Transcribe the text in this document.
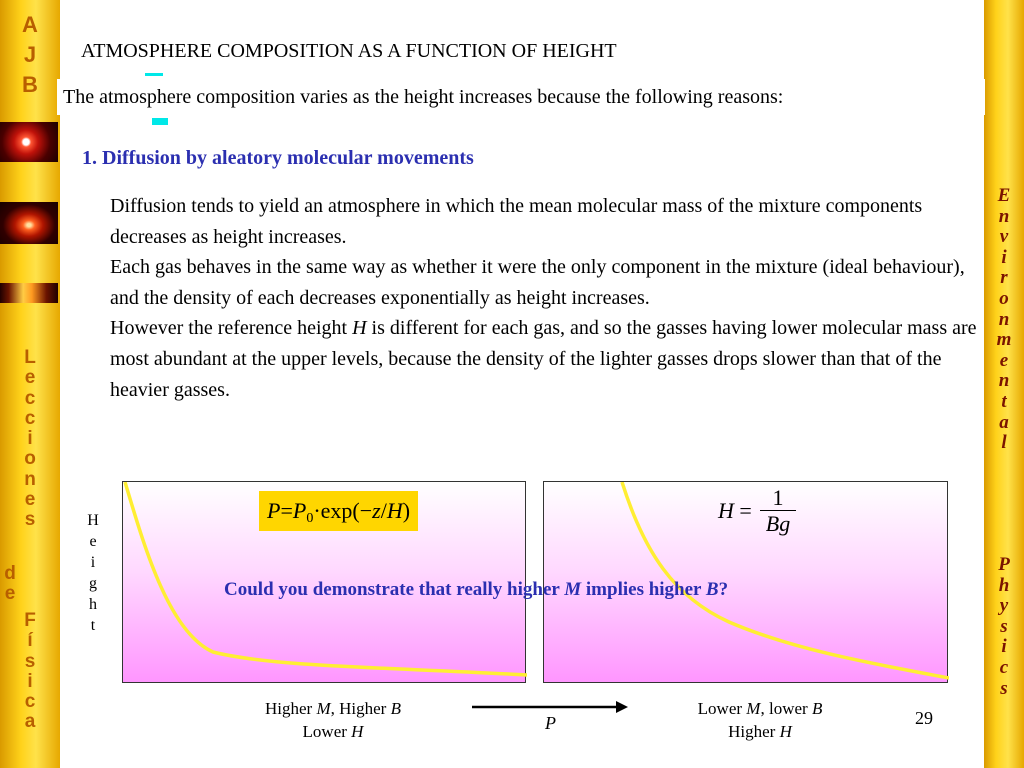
A
J
B
L
e
c
c
i
o
n
e
s
d
e
F
í
s
i
c
a
E
n
v
i
r
o
n
m
e
n
t
a
l
P
h
y
s
i
c
s
ATMOSPHERE COMPOSITION AS A FUNCTION OF HEIGHT
The atmosphere composition varies as the height increases because the following reasons:
1. Diffusion by aleatory molecular movements

Diffusion tends to yield an atmosphere in which the mean molecular mass of the mixture components decreases as height increases.

Each gas behaves in the same way as whether it were the only component in the mixture (ideal behaviour), and the density of each decreases exponentially as height increases.

However the reference height H is different for each gas, and so the gasses having lower molecular mass are most abundant at the upper levels, because the density of the lighter gasses drops slower than that of the heavier gasses.

H
e
i
g
h
t
$P=P_0\cdot\exp(-z/H)$	H =
1
Bg
Could you demonstrate that really higher M implies higher B?
Higher M, Higher B
Lower H
Lower M, lower B
Higher H
P	29
